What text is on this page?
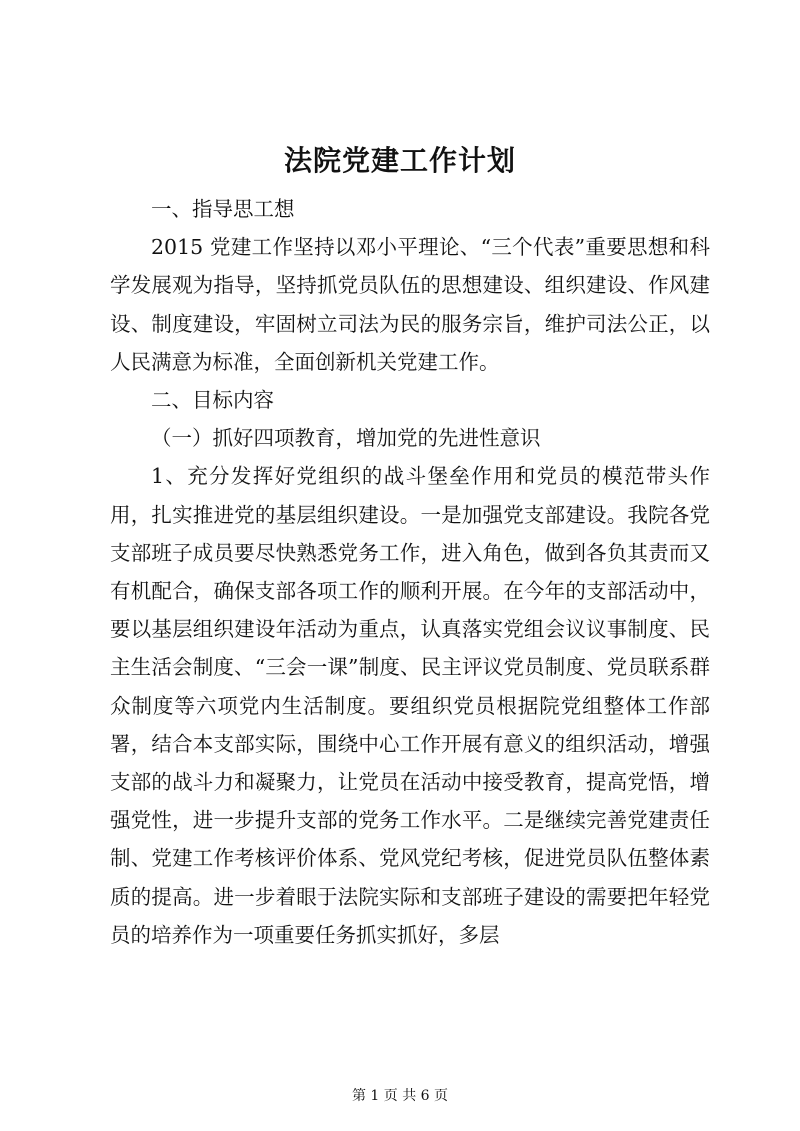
法院党建工作计划

一、指导思工想

2015 党建工作坚持以邓小平理论、“三个代表”重要思想和科学发展观为指导，坚持抓党员队伍的思想建设、组织建设、作风建设、制度建设，牢固树立司法为民的服务宗旨，维护司法公正，以人民满意为标准，全面创新机关党建工作。

二、目标内容

（一）抓好四项教育，增加党的先进性意识

1、充分发挥好党组织的战斗堡垒作用和党员的模范带头作用，扎实推进党的基层组织建设。一是加强党支部建设。我院各党支部班子成员要尽快熟悉党务工作，进入角色，做到各负其责而又有机配合，确保支部各项工作的顺利开展。在今年的支部活动中，要以基层组织建设年活动为重点，认真落实党组会议议事制度、民主生活会制度、“三会一课”制度、民主评议党员制度、党员联系群众制度等六项党内生活制度。要组织党员根据院党组整体工作部署，结合本支部实际，围绕中心工作开展有意义的组织活动，增强支部的战斗力和凝聚力，让党员在活动中接受教育，提高党悟，增强党性，进一步提升支部的党务工作水平。二是继续完善党建责任制、党建工作考核评价体系、党风党纪考核，促进党员队伍整体素质的提高。进一步着眼于法院实际和支部班子建设的需要把年轻党员的培养作为一项重要任务抓实抓好，多层

第 1 页 共 6 页
